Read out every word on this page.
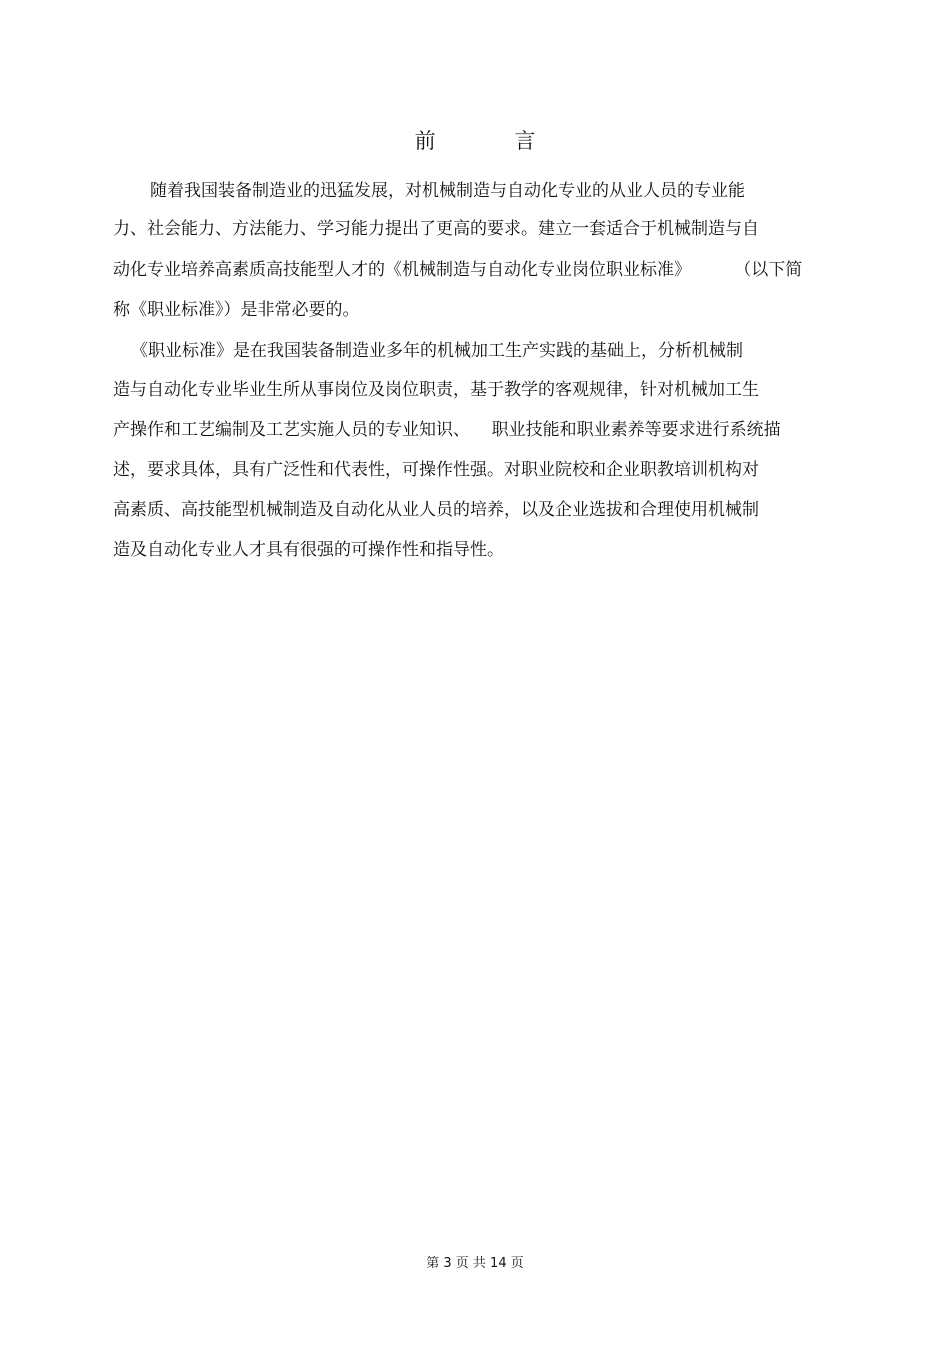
前 言
随着我国装备制造业的迅猛发展，对机械制造与自动化专业的从业人员的专业能
力、社会能力、方法能力、学习能力提出了更高的要求。建立一套适合于机械制造与自
动化专业培养高素质高技能型人才的《机械制造与自动化专业岗位职业标准》        （以下简
称《职业标准》）是非常必要的。
《职业标准》是在我国装备制造业多年的机械加工生产实践的基础上，分析机械制
造与自动化专业毕业生所从事岗位及岗位职责，基于教学的客观规律，针对机械加工生
产操作和工艺编制及工艺实施人员的专业知识、    职业技能和职业素养等要求进行系统描
述，要求具体，具有广泛性和代表性，可操作性强。对职业院校和企业职教培训机构对
高素质、高技能型机械制造及自动化从业人员的培养，以及企业选拔和合理使用机械制
造及自动化专业人才具有很强的可操作性和指导性。
第 3 页 共 14 页
